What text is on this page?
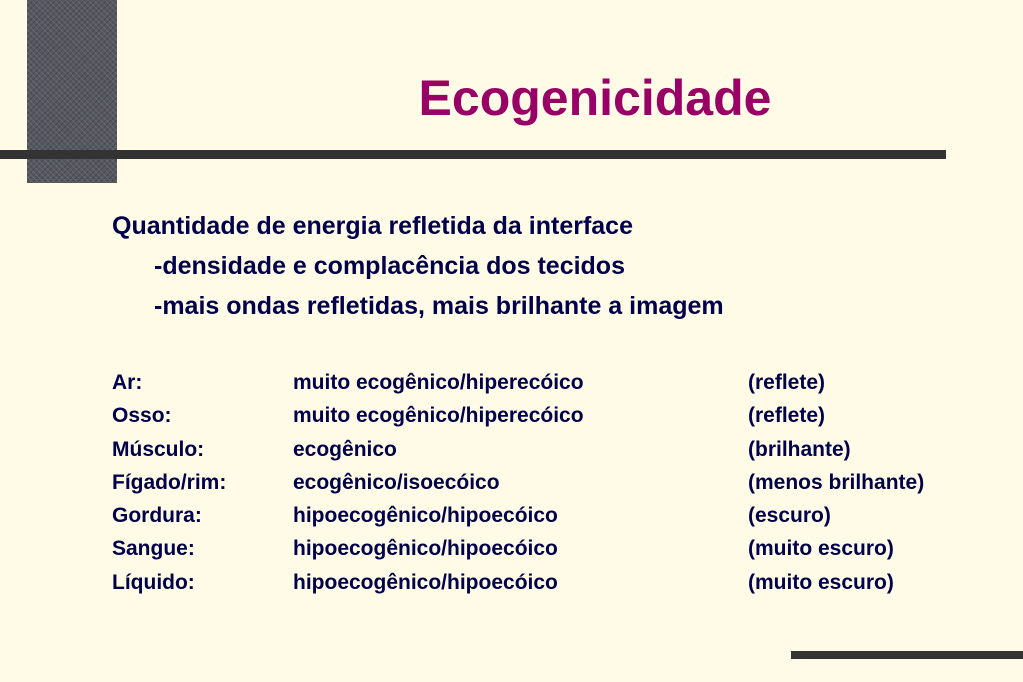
Ecogenicidade
Quantidade de energia refletida da interface
-densidade e complacência dos tecidos
-mais ondas refletidas, mais brilhante a imagem
Ar:	muito ecogênico/hiperecóico	(reflete)
Osso:	muito ecogênico/hiperecóico	(reflete)
Músculo:	ecogênico	(brilhante)
Fígado/rim:	ecogênico/isoecóico	(menos brilhante)
Gordura:	hipoecogênico/hipoecóico	(escuro)
Sangue:	hipoecogênico/hipoecóico	(muito escuro)
Líquido:	hipoecogênico/hipoecóico	(muito escuro)
